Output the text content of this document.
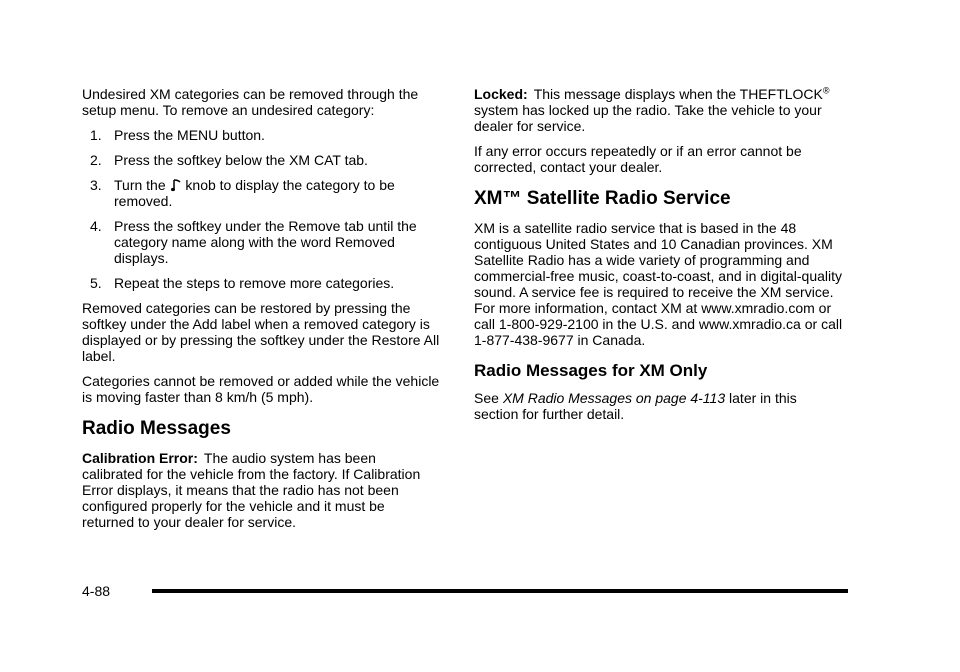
Undesired XM categories can be removed through the setup menu. To remove an undesired category:

1. Press the MENU button.
2. Press the softkey below the XM CAT tab.
3. Turn the knob to display the category to be removed.
4. Press the softkey under the Remove tab until the category name along with the word Removed displays.
5. Repeat the steps to remove more categories.

Removed categories can be restored by pressing the softkey under the Add label when a removed category is displayed or by pressing the softkey under the Restore All label.

Categories cannot be removed or added while the vehicle is moving faster than 8 km/h (5 mph).

Radio Messages

Calibration Error: The audio system has been calibrated for the vehicle from the factory. If Calibration Error displays, it means that the radio has not been configured properly for the vehicle and it must be returned to your dealer for service.

Locked: This message displays when the THEFTLOCK® system has locked up the radio. Take the vehicle to your dealer for service.

If any error occurs repeatedly or if an error cannot be corrected, contact your dealer.

XM™ Satellite Radio Service

XM is a satellite radio service that is based in the 48 contiguous United States and 10 Canadian provinces. XM Satellite Radio has a wide variety of programming and commercial-free music, coast-to-coast, and in digital-quality sound. A service fee is required to receive the XM service. For more information, contact XM at www.xmradio.com or call 1-800-929-2100 in the U.S. and www.xmradio.ca or call 1-877-438-9677 in Canada.

Radio Messages for XM Only

See XM Radio Messages on page 4-113 later in this section for further detail.

4-88
